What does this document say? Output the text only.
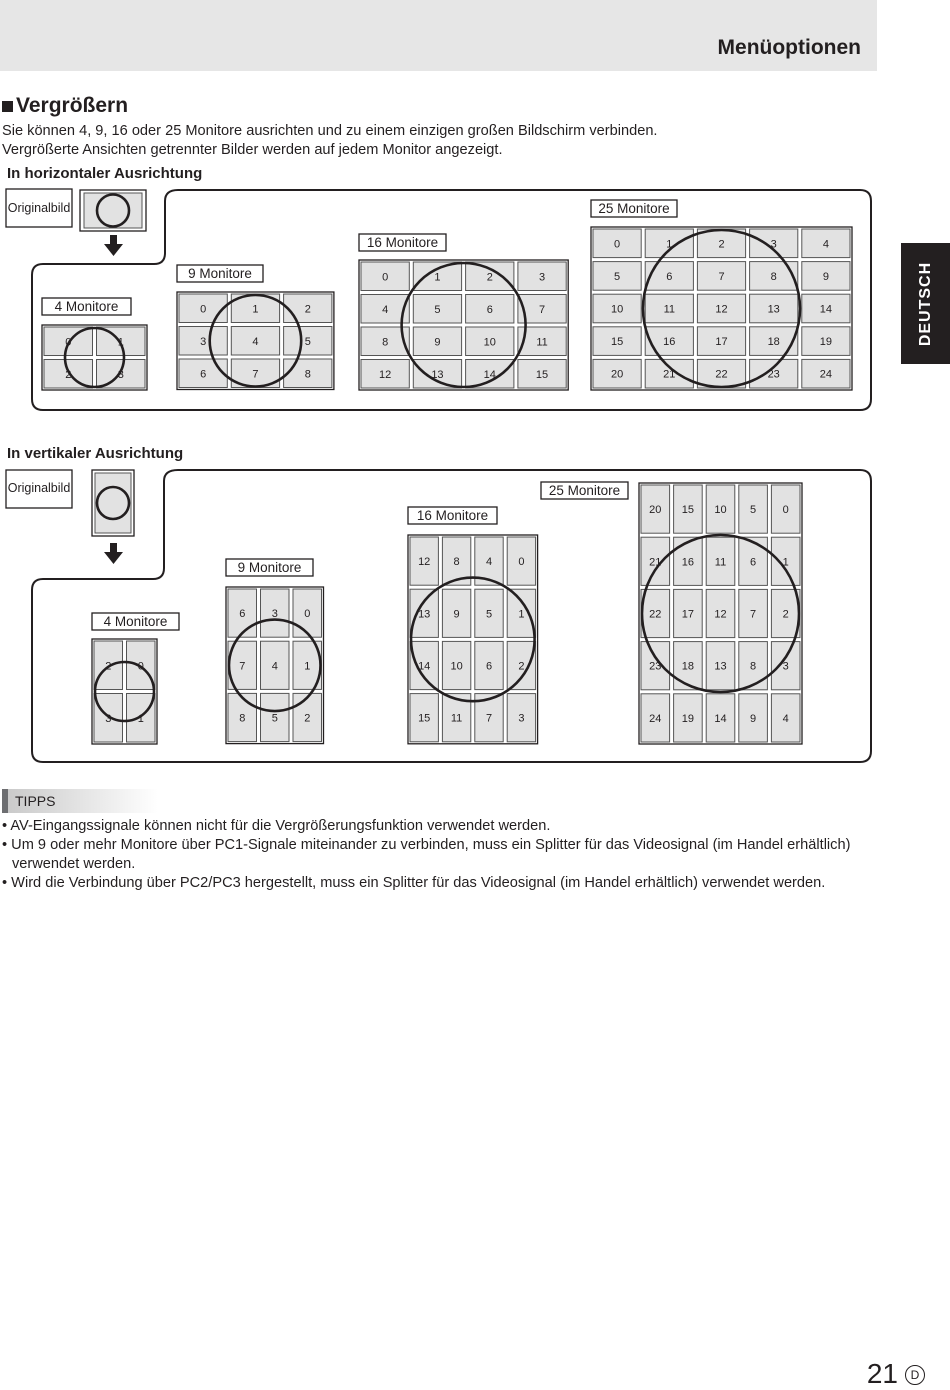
Menüoptionen
Vergrößern
Sie können 4, 9, 16 oder 25 Monitore ausrichten und zu einem einzigen großen Bildschirm verbinden.
Vergrößerte Ansichten getrennter Bilder werden auf jedem Monitor angezeigt.
In horizontaler Ausrichtung
In vertikaler Ausrichtung
DEUTSCH
Originalbild
Originalbild
0	1
2	3
4 Monitore	0	1	2
3	4	5
6	7	8
9 Monitore	0	1	2	3
4	5	6	7
8	9	10	11
12	13	14	15
16 Monitore	0	1	2	3	4
5	6	7	8	9
10	11	12	13	14
15	16	17	18	19
20	21	22	23	24
25 Monitore
2 0
3 1
4 Monitore	6 3 0
7 4 1
8 5 2
9 Monitore	12 8 4 0
13 9 5 1
14 10 6 2
15 11 7 3
16 Monitore	20 15 10 5 0
21 16 11 6 1
22 17 12 7 2
23 18 13 8 3
24 19 14 9 4
25 Monitore
TIPPS
• AV-Eingangssignale können nicht für die Vergrößerungsfunktion verwendet werden.
• Um 9 oder mehr Monitore über PC1-Signale miteinander zu verbinden, muss ein Splitter für das Videosignal (im Handel erhältlich) verwendet werden.
• Wird die Verbindung über PC2/PC3 hergestellt, muss ein Splitter für das Videosignal (im Handel erhältlich) verwendet werden.
21	D
